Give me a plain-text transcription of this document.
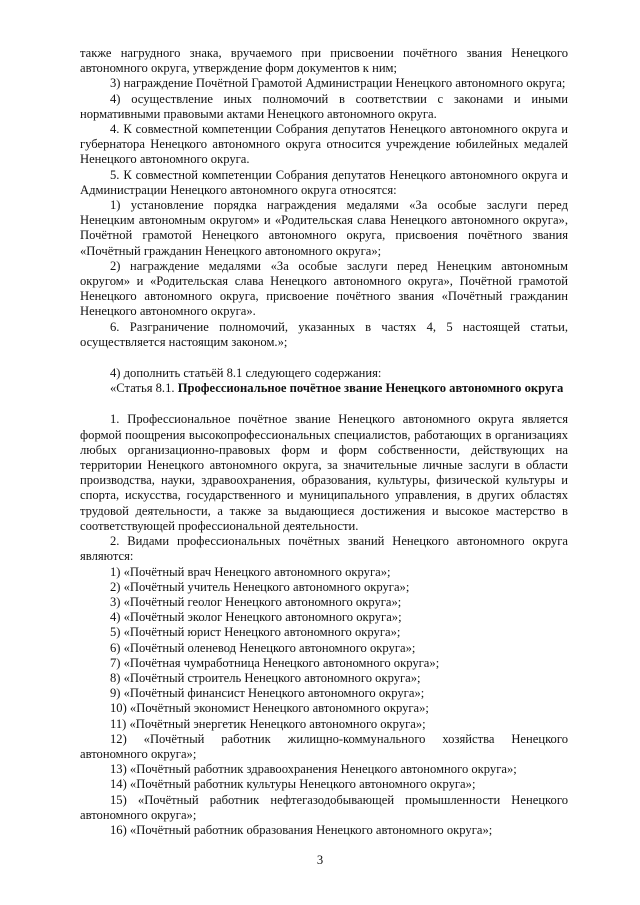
также нагрудного знака, вручаемого при присвоении почётного звания Ненецкого автономного округа, утверждение форм документов к ним;

3) награждение Почётной Грамотой Администрации Ненецкого автономного округа;

4) осуществление иных полномочий в соответствии с законами и иными нормативными правовыми актами Ненецкого автономного округа.

4. К совместной компетенции Собрания депутатов Ненецкого автономного округа и губернатора Ненецкого автономного округа относится учреждение юбилейных медалей Ненецкого автономного округа.

5. К совместной компетенции Собрания депутатов Ненецкого автономного округа и Администрации Ненецкого автономного округа относятся:

1) установление порядка награждения медалями «За особые заслуги перед Ненецким автономным округом» и «Родительская слава Ненецкого автономного округа», Почётной грамотой Ненецкого автономного округа, присвоения почётного звания «Почётный гражданин Ненецкого автономного округа»;

2) награждение медалями «За особые заслуги перед Ненецким автономным округом» и «Родительская слава Ненецкого автономного округа», Почётной грамотой Ненецкого автономного округа, присвоение почётного звания «Почётный гражданин Ненецкого автономного округа».

6. Разграничение полномочий, указанных в частях 4, 5 настоящей статьи, осуществляется настоящим законом.»;

4) дополнить статьёй 8.1 следующего содержания:

«Статья 8.1. Профессиональное почётное звание Ненецкого автономного округа

1. Профессиональное почётное звание Ненецкого автономного округа является формой поощрения высокопрофессиональных специалистов, работающих в организациях любых организационно-правовых форм и форм собственности, действующих на территории Ненецкого автономного округа, за значительные личные заслуги в области производства, науки, здравоохранения, образования, культуры, физической культуры и спорта, искусства, государственного и муниципального управления, в других областях трудовой деятельности, а также за выдающиеся достижения и высокое мастерство в соответствующей профессиональной деятельности.

2. Видами профессиональных почётных званий Ненецкого автономного округа являются:

1) «Почётный врач Ненецкого автономного округа»;

2) «Почётный учитель Ненецкого автономного округа»;

3) «Почётный геолог Ненецкого автономного округа»;

4) «Почётный эколог Ненецкого автономного округа»;

5) «Почётный юрист Ненецкого автономного округа»;

6) «Почётный оленевод Ненецкого автономного округа»;

7) «Почётная чумработница Ненецкого автономного округа»;

8) «Почётный строитель Ненецкого автономного округа»;

9) «Почётный финансист Ненецкого автономного округа»;

10) «Почётный экономист Ненецкого автономного округа»;

11) «Почётный энергетик Ненецкого автономного округа»;

12) «Почётный работник жилищно-коммунального хозяйства Ненецкого автономного округа»;

13) «Почётный работник здравоохранения Ненецкого автономного округа»;

14) «Почётный работник культуры Ненецкого автономного округа»;

15) «Почётный работник нефтегазодобывающей промышленности Ненецкого автономного округа»;

16) «Почётный работник образования Ненецкого автономного округа»;

3
